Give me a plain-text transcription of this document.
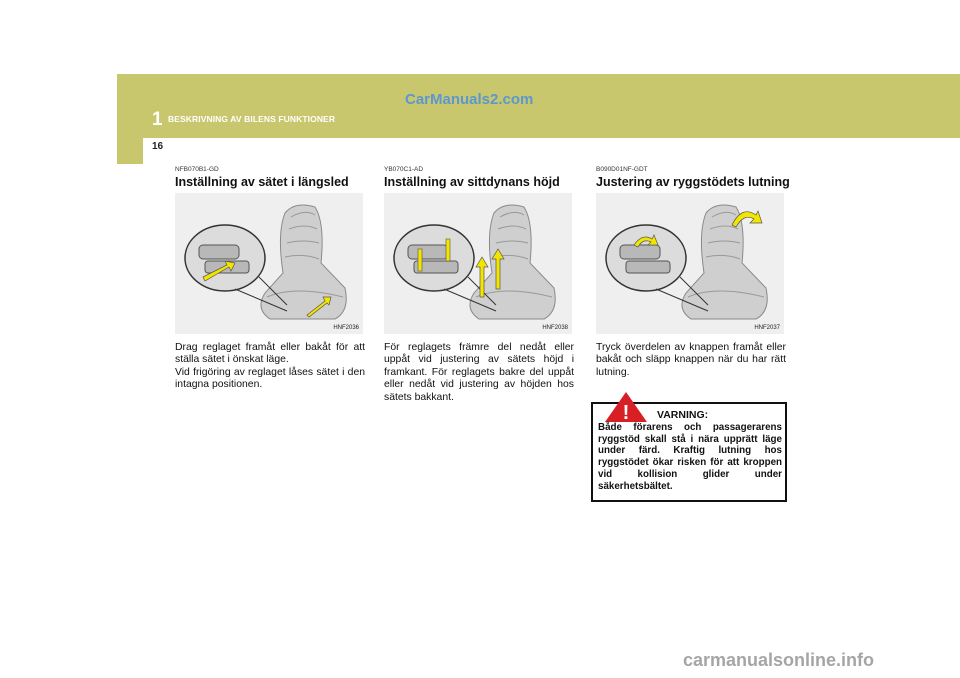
1 BESKRIVNING AV BILENS FUNKTIONER
16
CarManuals2.com
NFB070B1-GD
Inställning av sätet i längsled
HNF2036

Drag reglaget framåt eller bakåt för att ställa sätet i önskat läge.

Vid frigöring av reglaget låses sätet i den intagna positionen.

YB070C1-AD
Inställning av sittdynans höjd
HNF2038

För reglagets främre del nedåt eller uppåt vid justering av sätets höjd i framkant. För reglagets bakre del uppåt eller nedåt vid justering av höjden hos sätets bakkant.

B090D01NF-GDT
Justering av ryggstödets lutning
HNF2037

Tryck överdelen av knappen framåt eller bakåt och släpp knappen när du har rätt lutning.

!	VARNING:
Både förarens och passagerarens ryggstöd skall stå i nära upprätt läge under färd. Kraftig lutning hos ryggstödet ökar risken för att kroppen vid kollision glider under säkerhetsbältet.
carmanualsonline.info
